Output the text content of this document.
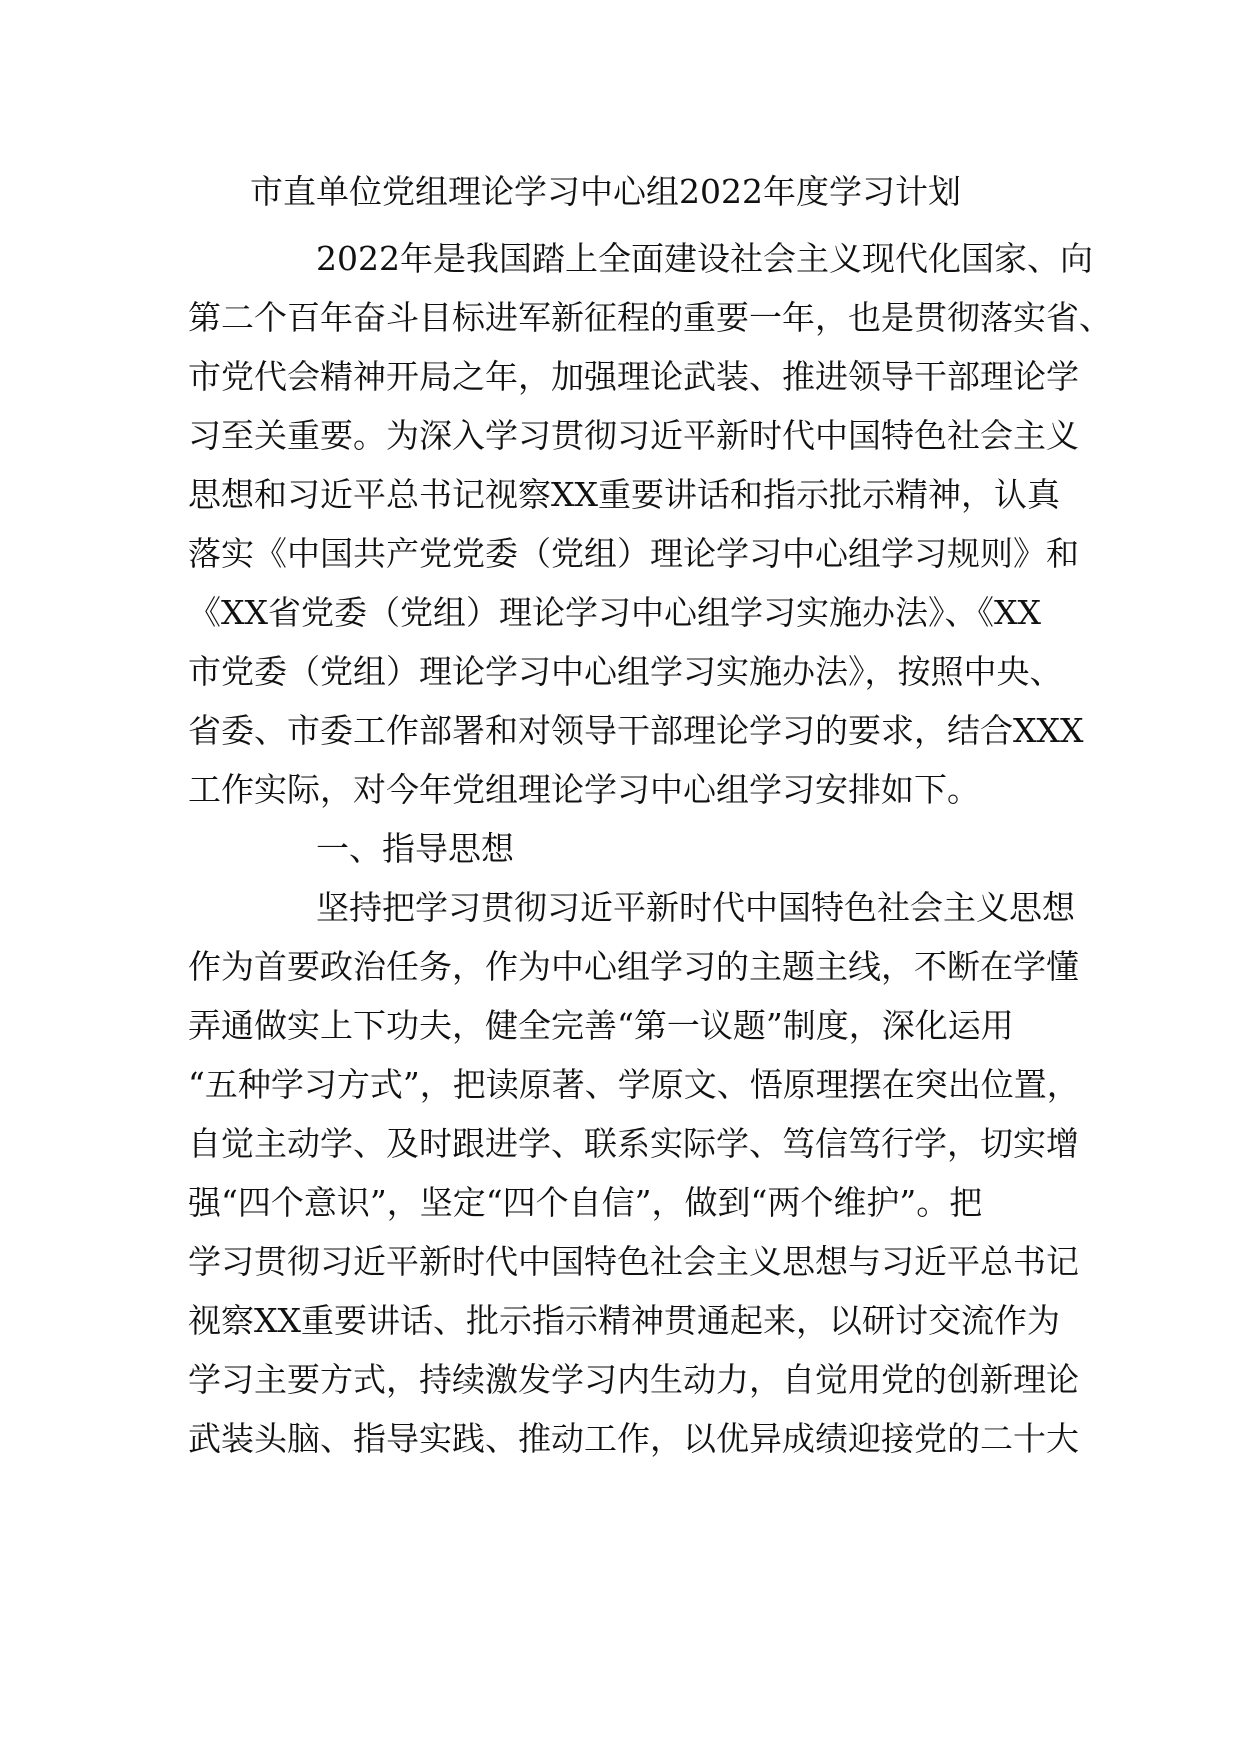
市直单位党组理论学习中心组2022年度学习计划
2022年是我国踏上全面建设社会主义现代化国家、向
第二个百年奋斗目标进军新征程的重要一年，也是贯彻落实省、
市党代会精神开局之年，加强理论武装、推进领导干部理论学
习至关重要。为深入学习贯彻习近平新时代中国特色社会主义
思想和习近平总书记视察XX重要讲话和指示批示精神，认真
落实《中国共产党党委（党组）理论学习中心组学习规则》和
《XX省党委（党组）理论学习中心组学习实施办法》、《XX
市党委（党组）理论学习中心组学习实施办法》，按照中央、
省委、市委工作部署和对领导干部理论学习的要求，结合XXX
工作实际，对今年党组理论学习中心组学习安排如下。
一、指导思想
坚持把学习贯彻习近平新时代中国特色社会主义思想
作为首要政治任务，作为中心组学习的主题主线，不断在学懂
弄通做实上下功夫，健全完善“第一议题”制度，深化运用
“五种学习方式”，把读原著、学原文、悟原理摆在突出位置，
自觉主动学、及时跟进学、联系实际学、笃信笃行学，切实增
强“四个意识”，坚定“四个自信”，做到“两个维护”。把
学习贯彻习近平新时代中国特色社会主义思想与习近平总书记
视察XX重要讲话、批示指示精神贯通起来，以研讨交流作为
学习主要方式，持续激发学习内生动力，自觉用党的创新理论
武装头脑、指导实践、推动工作，以优异成绩迎接党的二十大
